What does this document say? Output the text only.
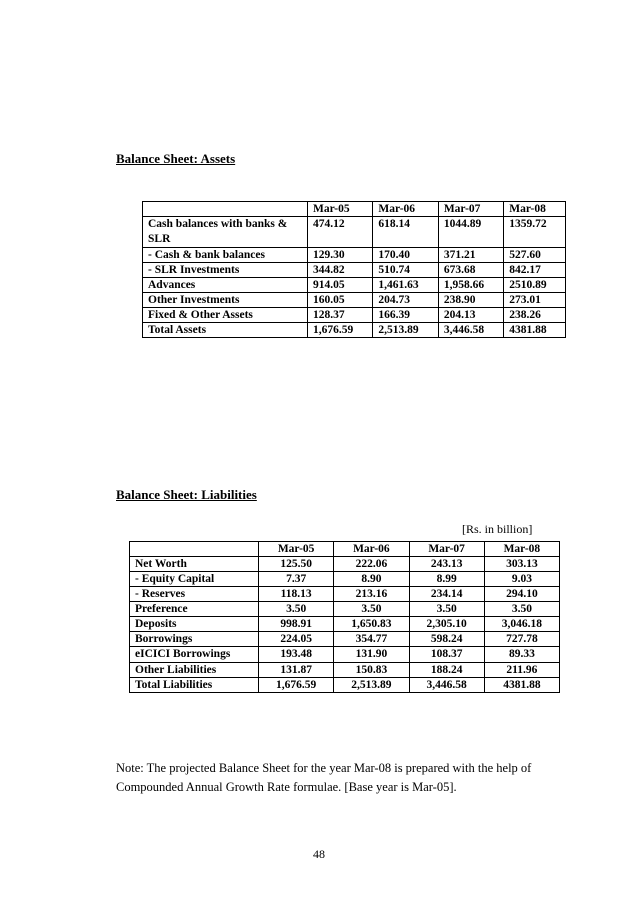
Balance Sheet: Assets
	Mar-05	Mar-06	Mar-07	Mar-08
Cash balances with banks & SLR	474.12	618.14	1044.89	1359.72
- Cash & bank balances	129.30	170.40	371.21	527.60
- SLR Investments	344.82	510.74	673.68	842.17
Advances	914.05	1,461.63	1,958.66	2510.89
Other Investments	160.05	204.73	238.90	273.01
Fixed & Other Assets	128.37	166.39	204.13	238.26
Total Assets	1,676.59	2,513.89	3,446.58	4381.88
Balance Sheet: Liabilities
[Rs. in billion]
	Mar-05	Mar-06	Mar-07	Mar-08
Net Worth	125.50	222.06	243.13	303.13
- Equity Capital	7.37	8.90	8.99	9.03
- Reserves	118.13	213.16	234.14	294.10
Preference	3.50	3.50	3.50	3.50
Deposits	998.91	1,650.83	2,305.10	3,046.18
Borrowings	224.05	354.77	598.24	727.78
eICICI Borrowings	193.48	131.90	108.37	89.33
Other Liabilities	131.87	150.83	188.24	211.96
Total Liabilities	1,676.59	2,513.89	3,446.58	4381.88
Note: The projected Balance Sheet for the year Mar-08 is prepared with the help of Compounded Annual Growth Rate formulae. [Base year is Mar-05].
48
